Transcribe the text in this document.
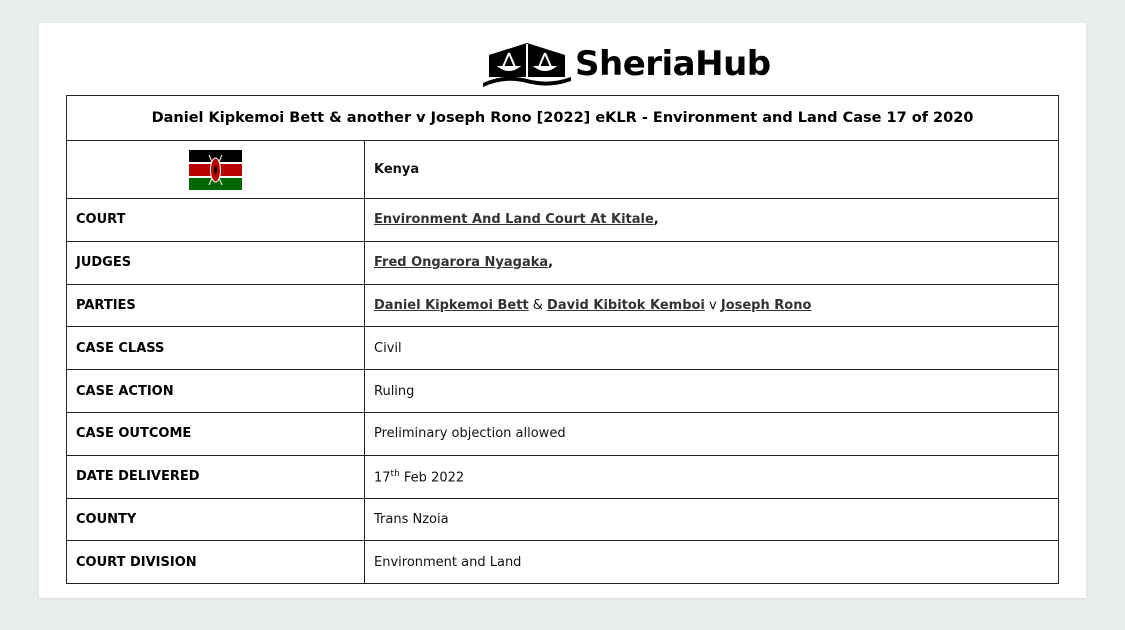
SheriaHub
Daniel Kipkemoi Bett & another v Joseph Rono [2022] eKLR - Environment and Land Case 17 of 2020	
	Kenya
COURT	Environment And Land Court At Kitale,
JUDGES	Fred Ongarora Nyagaka,
PARTIES	Daniel Kipkemoi Bett & David Kibitok Kemboi v Joseph Rono
CASE CLASS	Civil
CASE ACTION	Ruling
CASE OUTCOME	Preliminary objection allowed
DATE DELIVERED	17th Feb 2022
COUNTY	Trans Nzoia
COURT DIVISION	Environment and Land
